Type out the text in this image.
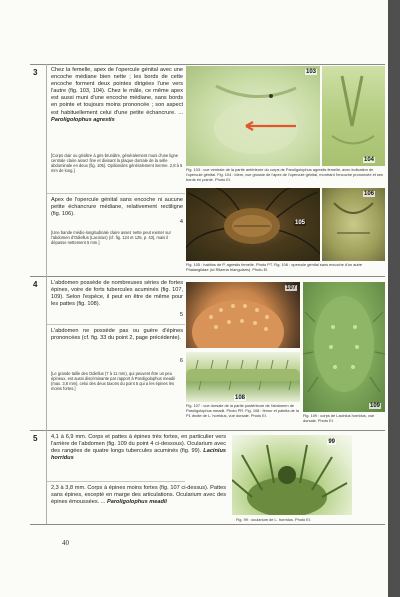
3 Chez la femelle, apex de l'opercule génital avec une encoche médiane bien nette ; les bords de cette encoche forment deux pointes dirigées l'une vers l'autre (fig. 103, 104). Chez le mâle, ce même apex est aussi muni d'une encoche médiane, sans bords en pointe et toujours moins prononcée ; son aspect est habituellement celui d'une petite échancrure. ... Paroligolophus agrestis

[Corps clair ou grisâtre à gris-brunâtre, généralement muni d'une ligne centrale claire assez fine et divisant la plaque dorsale de la selle abdominale en deux (fig. 105). Opilionides généralement inerme. 2,8 à 5 mm de long.]

Apex de l'opercule génital sans encoche ni aucune petite échancrure médiane, relativement rectiligne (fig. 106).

4

[Une bande médio-longitudinale claire assez nette peut exister sur l'abdomen d'Odiellus (Lacinius) (cf. fig. 124 et 125, p. 43), mais il dépasse nettement 5 mm.]

4 L'abdomen possède de nombreuses séries de fortes épines, voire de forts tubercules acuminés (fig. 107, 109). Selon l'espèce, il peut en être de même pour les pattes (fig. 108).

5

L'abdomen ne possède pas ou guère d'épines prononcées (cf. fig. 33 du point 2, page précédente).

6

[Le grande taille des Odiellus (7 à 11 mm), qui peuvent être un peu épineux, est aussi discriminante par rapport à Paroligolophus meadii (max. 3,8 mm), celui des deux taxons du point 5 qui a les épines les moins fortes.]

5 4,1 à 6,9 mm. Corps et pattes à épines très fortes, en particulier vers l'arrière de l'abdomen (fig. 109 du point 4 ci-dessous). Ocularium avec des rangées de quatre longs tubercules acuminés (fig. 99). Lacinius horridus

2,3 à 3,8 mm. Corps à épines moins fortes (fig. 107 ci-dessus). Pattes sans épines, excepté en marge des articulations. Ocularium avec des épines émoussées. ... Paroligolophus meadii

103
104

Fig. 103 : vue ventrale de la partie antérieure du corps de Paroligolophus agrestis femelle, avec indication de l'opercule génital. Fig. 104 : idem, vue grossie de l'apex de l'opercule génital, montrant l'encoche prononcée et ses bords en pointe. Photo EI.

105
106

Fig. 105 : habitus de P. agrestis femelle. Photo PT. Fig. 106 : opercule génital sans encoche d'un autre Phalangiidae (ici Rilaena triangularis). Photo EI.

107
108
109

Fig. 107 : vue dorsale de la partie postérieure de l'abdomen de Paroligolophus meadii. Photo PR. Fig. 108 : fémur et patella de la P1 droite de L. horridus, vue dorsale. Photo EI.	Fig. 109 : corps de Lacinius horridus, vue dorsale. Photo EI.

99

Fig. 99 : ocularium de L. horridus. Photo EI.

40
